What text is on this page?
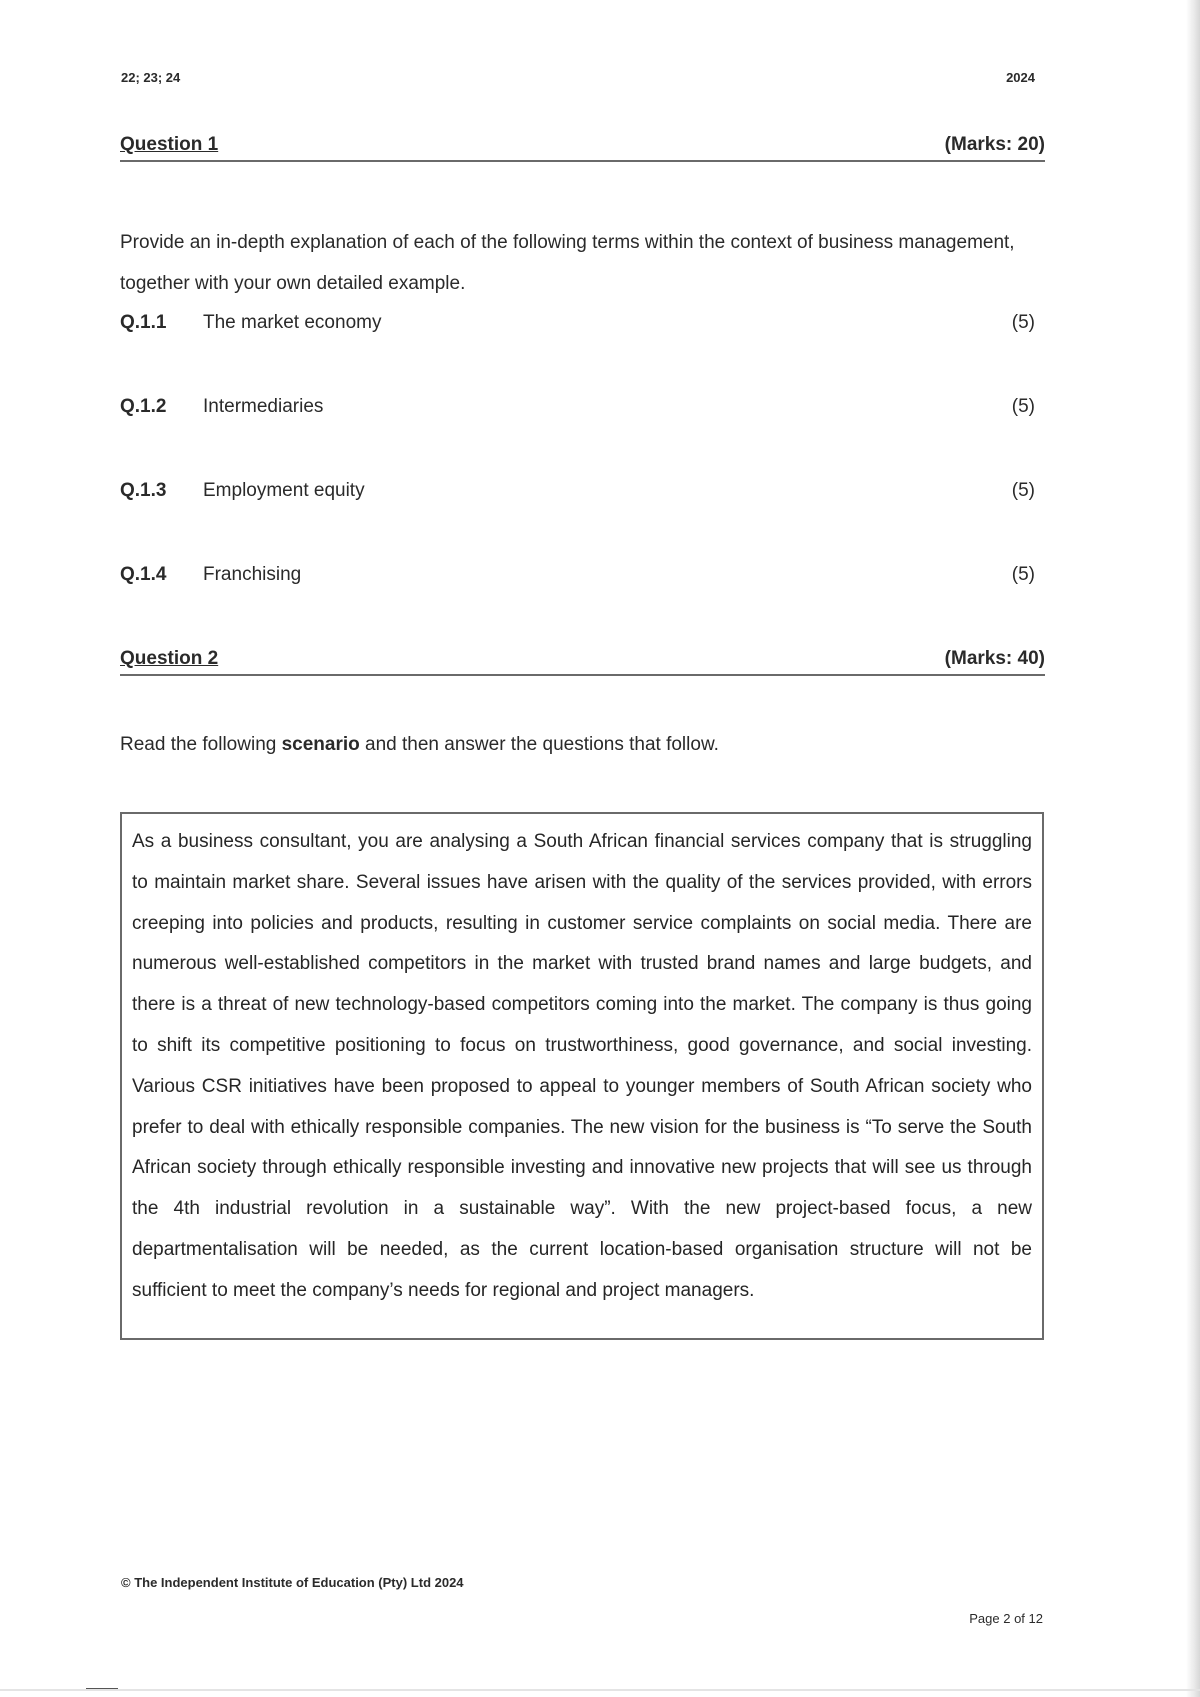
22; 23; 24	2024
Question 1	(Marks: 20)
Provide an in-depth explanation of each of the following terms within the context of business management, together with your own detailed example.
Q.1.1 The market economy	(5)
Q.1.2 Intermediaries	(5)
Q.1.3 Employment equity	(5)
Q.1.4 Franchising	(5)
Question 2	(Marks: 40)
Read the following scenario and then answer the questions that follow.
As a business consultant, you are analysing a South African financial services company that is struggling to maintain market share. Several issues have arisen with the quality of the services provided, with errors creeping into policies and products, resulting in customer service complaints on social media. There are numerous well-established competitors in the market with trusted brand names and large budgets, and there is a threat of new technology-based competitors coming into the market. The company is thus going to shift its competitive positioning to focus on trustworthiness, good governance, and social investing. Various CSR initiatives have been proposed to appeal to younger members of South African society who prefer to deal with ethically responsible companies. The new vision for the business is “To serve the South African society through ethically responsible investing and innovative new projects that will see us through the 4th industrial revolution in a sustainable way”. With the new project-based focus, a new departmentalisation will be needed, as the current location-based organisation structure will not be sufficient to meet the company’s needs for regional and project managers.
© The Independent Institute of Education (Pty) Ltd 2024
Page 2 of 12
